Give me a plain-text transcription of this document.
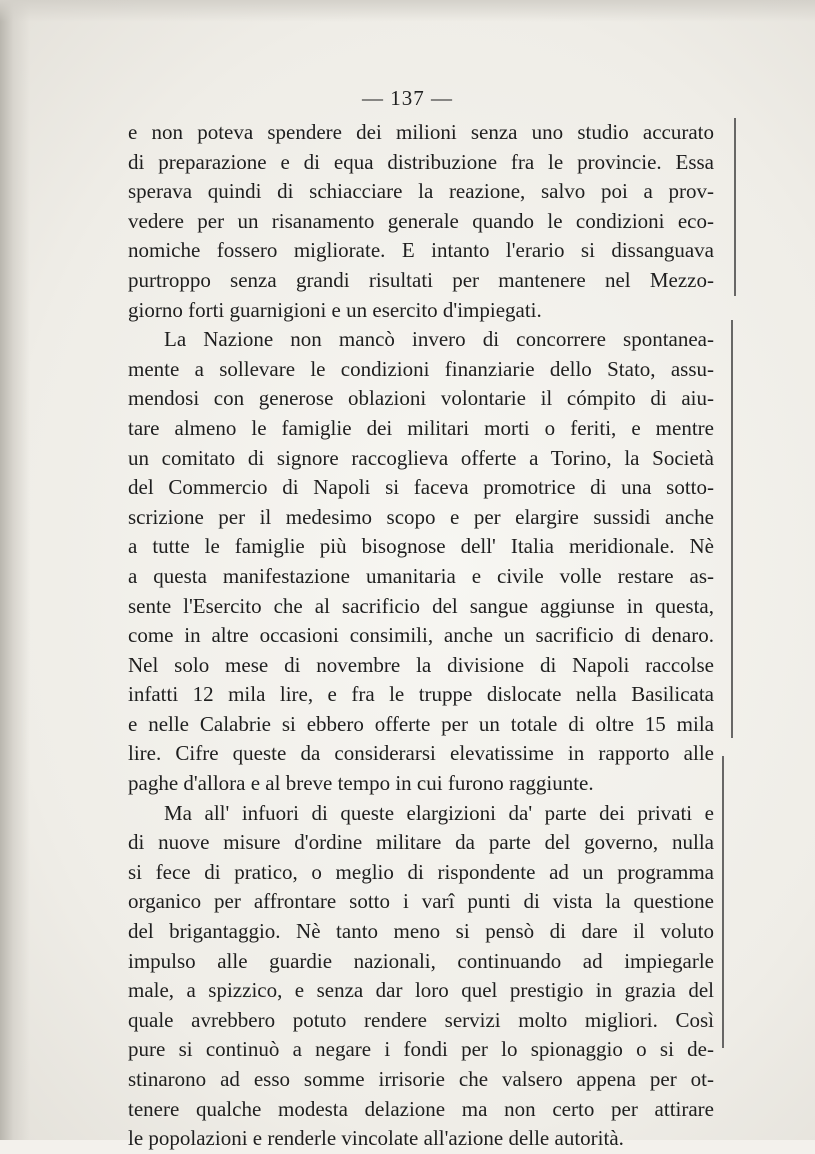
— 137 —
e non poteva spendere dei milioni senza uno studio accurato
di preparazione e di equa distribuzione fra le provincie. Essa
sperava quindi di schiacciare la reazione, salvo poi a prov-
vedere per un risanamento generale quando le condizioni eco-
nomiche fossero migliorate. E intanto l'erario si dissanguava
purtroppo senza grandi risultati per mantenere nel Mezzo-
giorno forti guarnigioni e un esercito d'impiegati.
La Nazione non mancò invero di concorrere spontanea-
mente a sollevare le condizioni finanziarie dello Stato, assu-
mendosi con generose oblazioni volontarie il cómpito di aiu-
tare almeno le famiglie dei militari morti o feriti, e mentre
un comitato di signore raccoglieva offerte a Torino, la Società
del Commercio di Napoli si faceva promotrice di una sotto-
scrizione per il medesimo scopo e per elargire sussidi anche
a tutte le famiglie più bisognose dell' Italia meridionale. Nè
a questa manifestazione umanitaria e civile volle restare as-
sente l'Esercito che al sacrificio del sangue aggiunse in questa,
come in altre occasioni consimili, anche un sacrificio di denaro.
Nel solo mese di novembre la divisione di Napoli raccolse
infatti 12 mila lire, e fra le truppe dislocate nella Basilicata
e nelle Calabrie si ebbero offerte per un totale di oltre 15 mila
lire. Cifre queste da considerarsi elevatissime in rapporto alle
paghe d'allora e al breve tempo in cui furono raggiunte.
Ma all' infuori di queste elargizioni da' parte dei privati e
di nuove misure d'ordine militare da parte del governo, nulla
si fece di pratico, o meglio di rispondente ad un programma
organico per affrontare sotto i varî punti di vista la questione
del brigantaggio. Nè tanto meno si pensò di dare il voluto
impulso alle guardie nazionali, continuando ad impiegarle
male, a spizzico, e senza dar loro quel prestigio in grazia del
quale avrebbero potuto rendere servizi molto migliori. Così
pure si continuò a negare i fondi per lo spionaggio o si de-
stinarono ad esso somme irrisorie che valsero appena per ot-
tenere qualche modesta delazione ma non certo per attirare
le popolazioni e renderle vincolate all'azione delle autorità.
